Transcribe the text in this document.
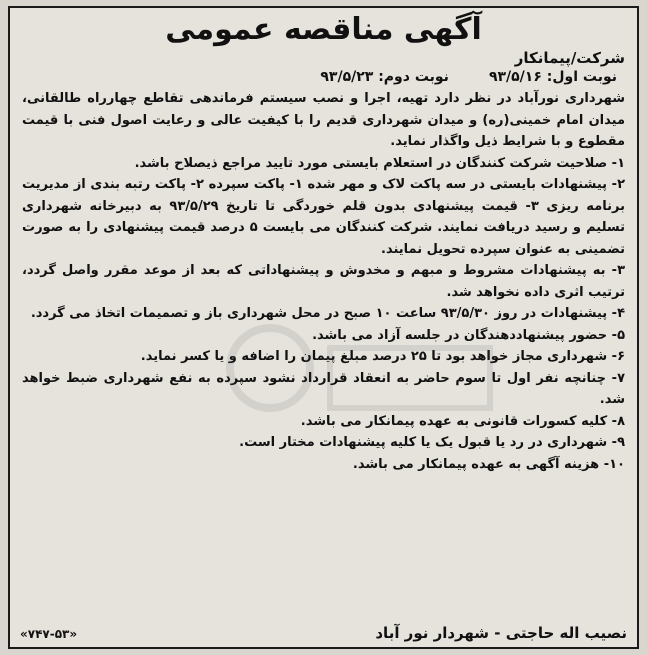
آگهی مناقصه عمومی

شرکت/پیمانکار

نوبت اول: ۹۳/۵/۱۶
نوبت دوم: ۹۳/۵/۲۳

شهرداری نورآباد در نظر دارد تهیه، اجرا و نصب سیستم فرماندهی تقاطع چهارراه طالقانی، میدان امام خمینی(ره) و میدان شهرداری قدیم را با کیفیت عالی و رعایت اصول فنی با قیمت مقطوع و با شرایط ذیل واگذار نماید.

۱- صلاحیت شرکت کنندگان در استعلام بایستی مورد تایید مراجع ذیصلاح باشد.

۲- پیشنهادات بایستی در سه پاکت لاک و مهر شده ۱- پاکت سپرده ۲- پاکت رتبه بندی از مدیریت برنامه ریزی ۳- قیمت پیشنهادی بدون قلم خوردگی تا تاریخ ۹۳/۵/۲۹ به دبیرخانه شهرداری تسلیم و رسید دریافت نمایند. شرکت کنندگان می بایست ۵ درصد قیمت پیشنهادی را به صورت تضمینی به عنوان سپرده تحویل نمایند.

۳- به پیشنهادات مشروط و مبهم و مخدوش و پیشنهاداتی که بعد از موعد مقرر واصل گردد، ترتیب اثری داده نخواهد شد.

۴- پیشنهادات در روز ۹۳/۵/۳۰ ساعت ۱۰ صبح در محل شهرداری باز و تصمیمات اتخاذ می گردد.

۵- حضور پیشنهاددهندگان در جلسه آزاد می باشد.

۶- شهرداری مجاز خواهد بود تا ۲۵ درصد مبلغ پیمان را اضافه و یا کسر نماید.

۷- چنانچه نفر اول تا سوم حاضر به انعقاد قرارداد نشود سپرده به نفع شهرداری ضبط خواهد شد.

۸- کلیه کسورات قانونی به عهده پیمانکار می باشد.

۹- شهرداری در رد یا قبول یک یا کلیه پیشنهادات مختار است.

۱۰- هزینه آگهی به عهده پیمانکار می باشد.

نصیب اله حاجتی - شهردار نور آباد
«۷۴۷-۵۳»
